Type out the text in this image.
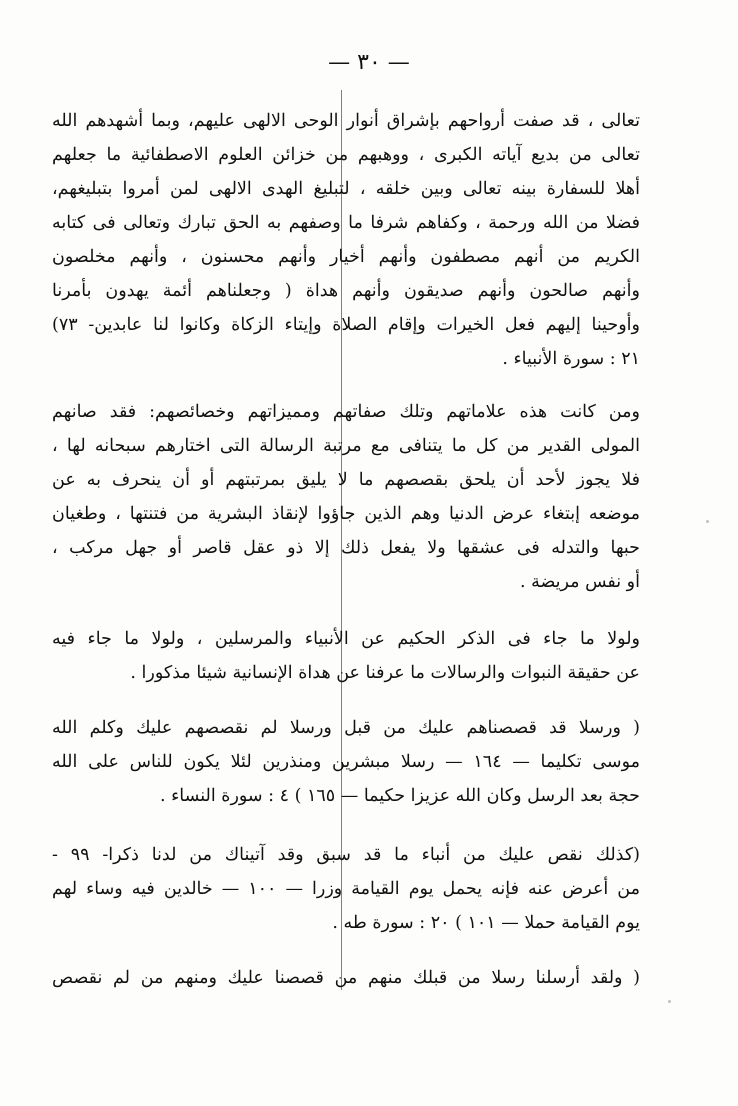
— ٣٠ —
تعالى ، قد صفت أرواحهم بإشراق أنوار الوحى الالهى عليهم، وبما أشهدهم الله
تعالى من بديع آياته الكبرى ، ووهبهم من خزائن العلوم الاصطفائية ما جعلهم
أهلا للسفارة بينه تعالى وبين خلقه ، لتبليغ الهدى الالهى لمن أمروا بتبليغهم،
فضلا من الله ورحمة ، وكفاهم شرفا ما وصفهم به الحق تبارك وتعالى فى كتابه
الكريم من أنهم مصطفون وأنهم أخيار وأنهم محسنون ، وأنهم مخلصون
وأنهم صالحون وأنهم صديقون وأنهم هداة ( وجعلناهم أئمة يهدون بأمرنا
وأوحينا إليهم فعل الخيرات وإقام الصلاة وإيتاء الزكاة وكانوا لنا عابدين- ٧٣)
٢١ : سورة الأنبياء .
ومن كانت هذه علاماتهم وتلك صفاتهم ومميزاتهم وخصائصهم: فقد صانهم
المولى القدير من كل ما يتنافى مع مرتبة الرسالة التى اختارهم سبحانه لها ،
فلا يجوز لأحد أن يلحق بقصصهم ما لا يليق بمرتبتهم أو أن ينحرف به عن
موضعه إبتغاء عرض الدنيا وهم الذين جاؤوا لإنقاذ البشرية من فتنتها ، وطغيان
حبها والتدله فى عشقها ولا يفعل ذلك إلا ذو عقل قاصر أو جهل مركب ،
أو نفس مريضة .
ولولا ما جاء فى الذكر الحكيم عن الأنبياء والمرسلين ، ولولا ما جاء فيه
عن حقيقة النبوات والرسالات ما عرفنا عن هداة الإنسانية شيئا مذكورا .
( ورسلا قد قصصناهم عليك من قبل ورسلا لم نقصصهم عليك وكلم الله
موسى تكليما — ١٦٤ — رسلا مبشرين ومنذرين لئلا يكون للناس على الله
حجة بعد الرسل وكان الله عزيزا حكيما — ١٦٥ ) ٤ : سورة النساء .
(كذلك نقص عليك من أنباء ما قد سبق وقد آتيناك من لدنا ذكرا- ٩٩ -
من أعرض عنه فإنه يحمل يوم القيامة وزرا — ١٠٠ — خالدين فيه وساء لهم
يوم القيامة حملا — ١٠١ ) ٢٠ : سورة طه .
( ولقد أرسلنا رسلا من قبلك منهم من قصصنا عليك ومنهم من لم نقصص
